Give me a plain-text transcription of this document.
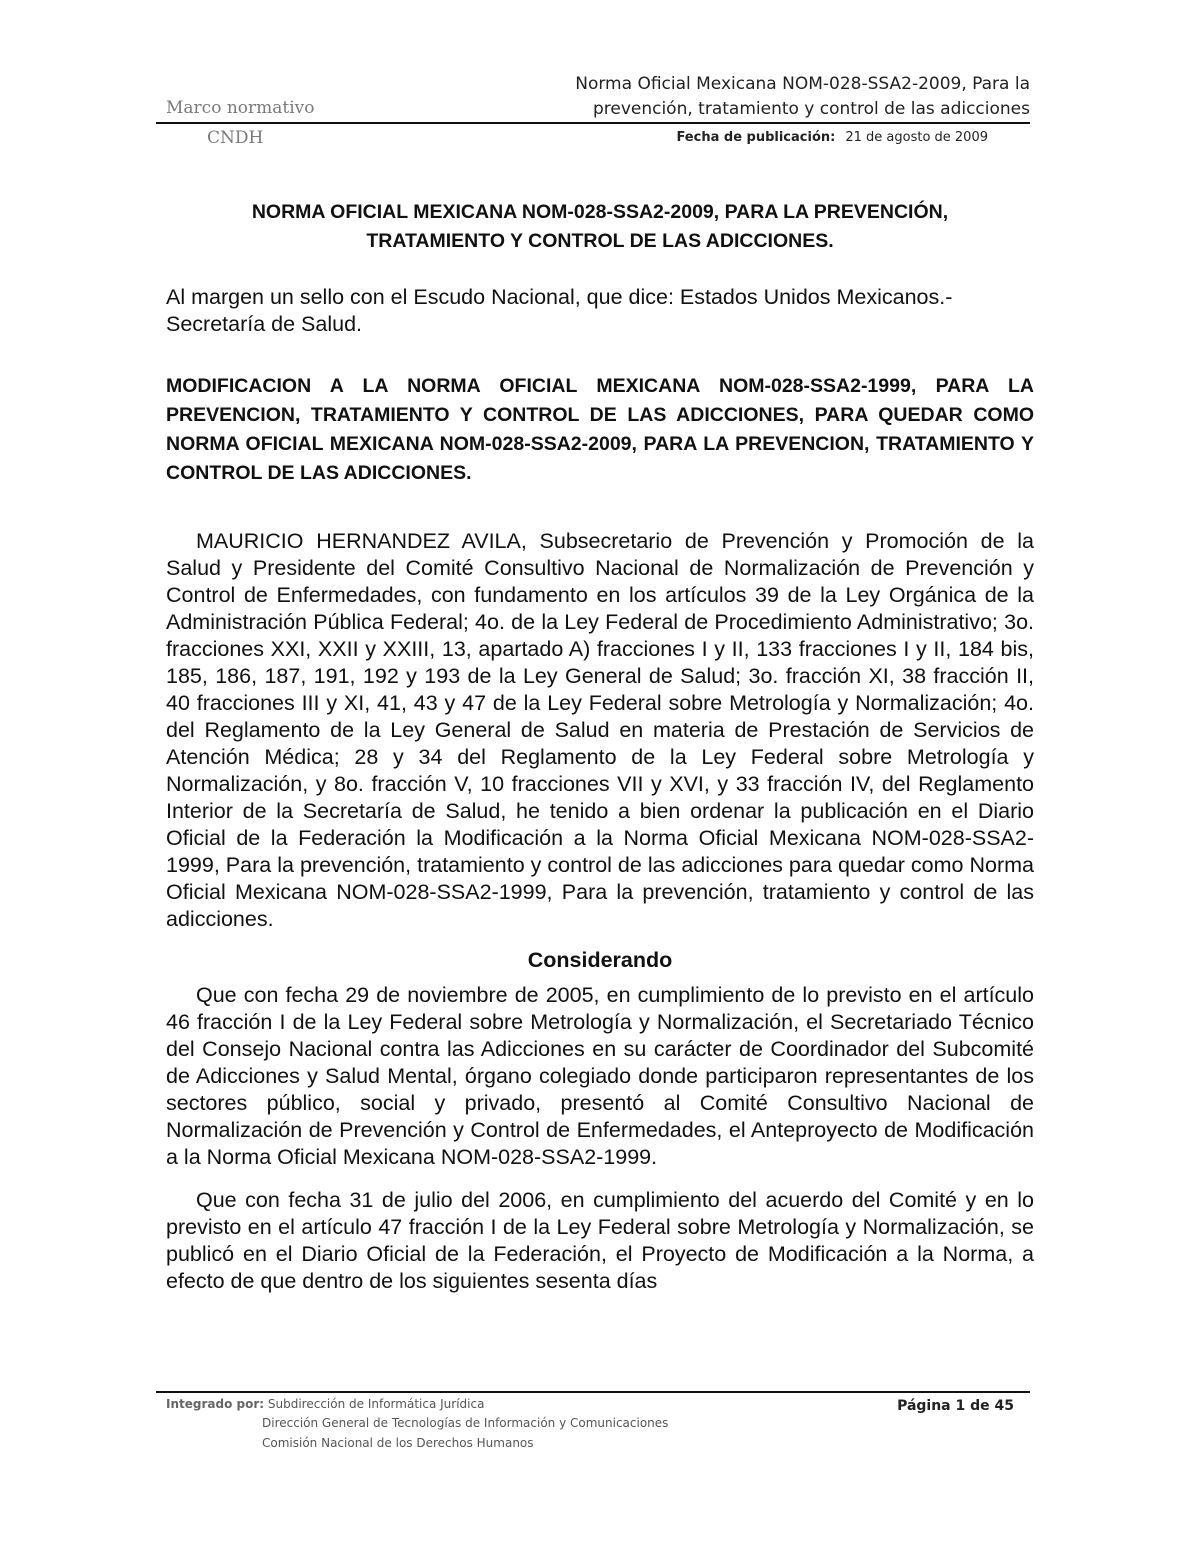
Marco normativo
CNDH
Norma Oficial Mexicana NOM-028-SSA2-2009, Para la
prevención, tratamiento y control de las adicciones
Fecha de publicación: 21 de agosto de 2009
NORMA OFICIAL MEXICANA NOM-028-SSA2-2009, PARA LA PREVENCIÓN,
TRATAMIENTO Y CONTROL DE LAS ADICCIONES.

Al margen un sello con el Escudo Nacional, que dice: Estados Unidos Mexicanos.- Secretaría de Salud.

MODIFICACION A LA NORMA OFICIAL MEXICANA NOM-028-SSA2-1999, PARA LA PREVENCION, TRATAMIENTO Y CONTROL DE LAS ADICCIONES, PARA QUEDAR COMO NORMA OFICIAL MEXICANA NOM-028-SSA2-2009, PARA LA PREVENCION, TRATAMIENTO Y CONTROL DE LAS ADICCIONES.

MAURICIO HERNANDEZ AVILA, Subsecretario de Prevención y Promoción de la Salud y Presidente del Comité Consultivo Nacional de Normalización de Prevención y Control de Enfermedades, con fundamento en los artículos 39 de la Ley Orgánica de la Administración Pública Federal; 4o. de la Ley Federal de Procedimiento Administrativo; 3o. fracciones XXI, XXII y XXIII, 13, apartado A) fracciones I y II, 133 fracciones I y II, 184 bis, 185, 186, 187, 191, 192 y 193 de la Ley General de Salud; 3o. fracción XI, 38 fracción II, 40 fracciones III y XI, 41, 43 y 47 de la Ley Federal sobre Metrología y Normalización; 4o. del Reglamento de la Ley General de Salud en materia de Prestación de Servicios de Atención Médica; 28 y 34 del Reglamento de la Ley Federal sobre Metrología y Normalización, y 8o. fracción V, 10 fracciones VII y XVI, y 33 fracción IV, del Reglamento Interior de la Secretaría de Salud, he tenido a bien ordenar la publicación en el Diario Oficial de la Federación la Modificación a la Norma Oficial Mexicana NOM-028-SSA2-1999, Para la prevención, tratamiento y control de las adicciones para quedar como Norma Oficial Mexicana NOM-028-SSA2-1999, Para la prevención, tratamiento y control de las adicciones.

Considerando

Que con fecha 29 de noviembre de 2005, en cumplimiento de lo previsto en el artículo 46 fracción I de la Ley Federal sobre Metrología y Normalización, el Secretariado Técnico del Consejo Nacional contra las Adicciones en su carácter de Coordinador del Subcomité de Adicciones y Salud Mental, órgano colegiado donde participaron representantes de los sectores público, social y privado, presentó al Comité Consultivo Nacional de Normalización de Prevención y Control de Enfermedades, el Anteproyecto de Modificación a la Norma Oficial Mexicana NOM-028-SSA2-1999.

Que con fecha 31 de julio del 2006, en cumplimiento del acuerdo del Comité y en lo previsto en el artículo 47 fracción I de la Ley Federal sobre Metrología y Normalización, se publicó en el Diario Oficial de la Federación, el Proyecto de Modificación a la Norma, a efecto de que dentro de los siguientes sesenta días

Integrado por: Subdirección de Informática Jurídica
Dirección General de Tecnologías de Información y Comunicaciones
Comisión Nacional de los Derechos Humanos
Página 1 de 45
